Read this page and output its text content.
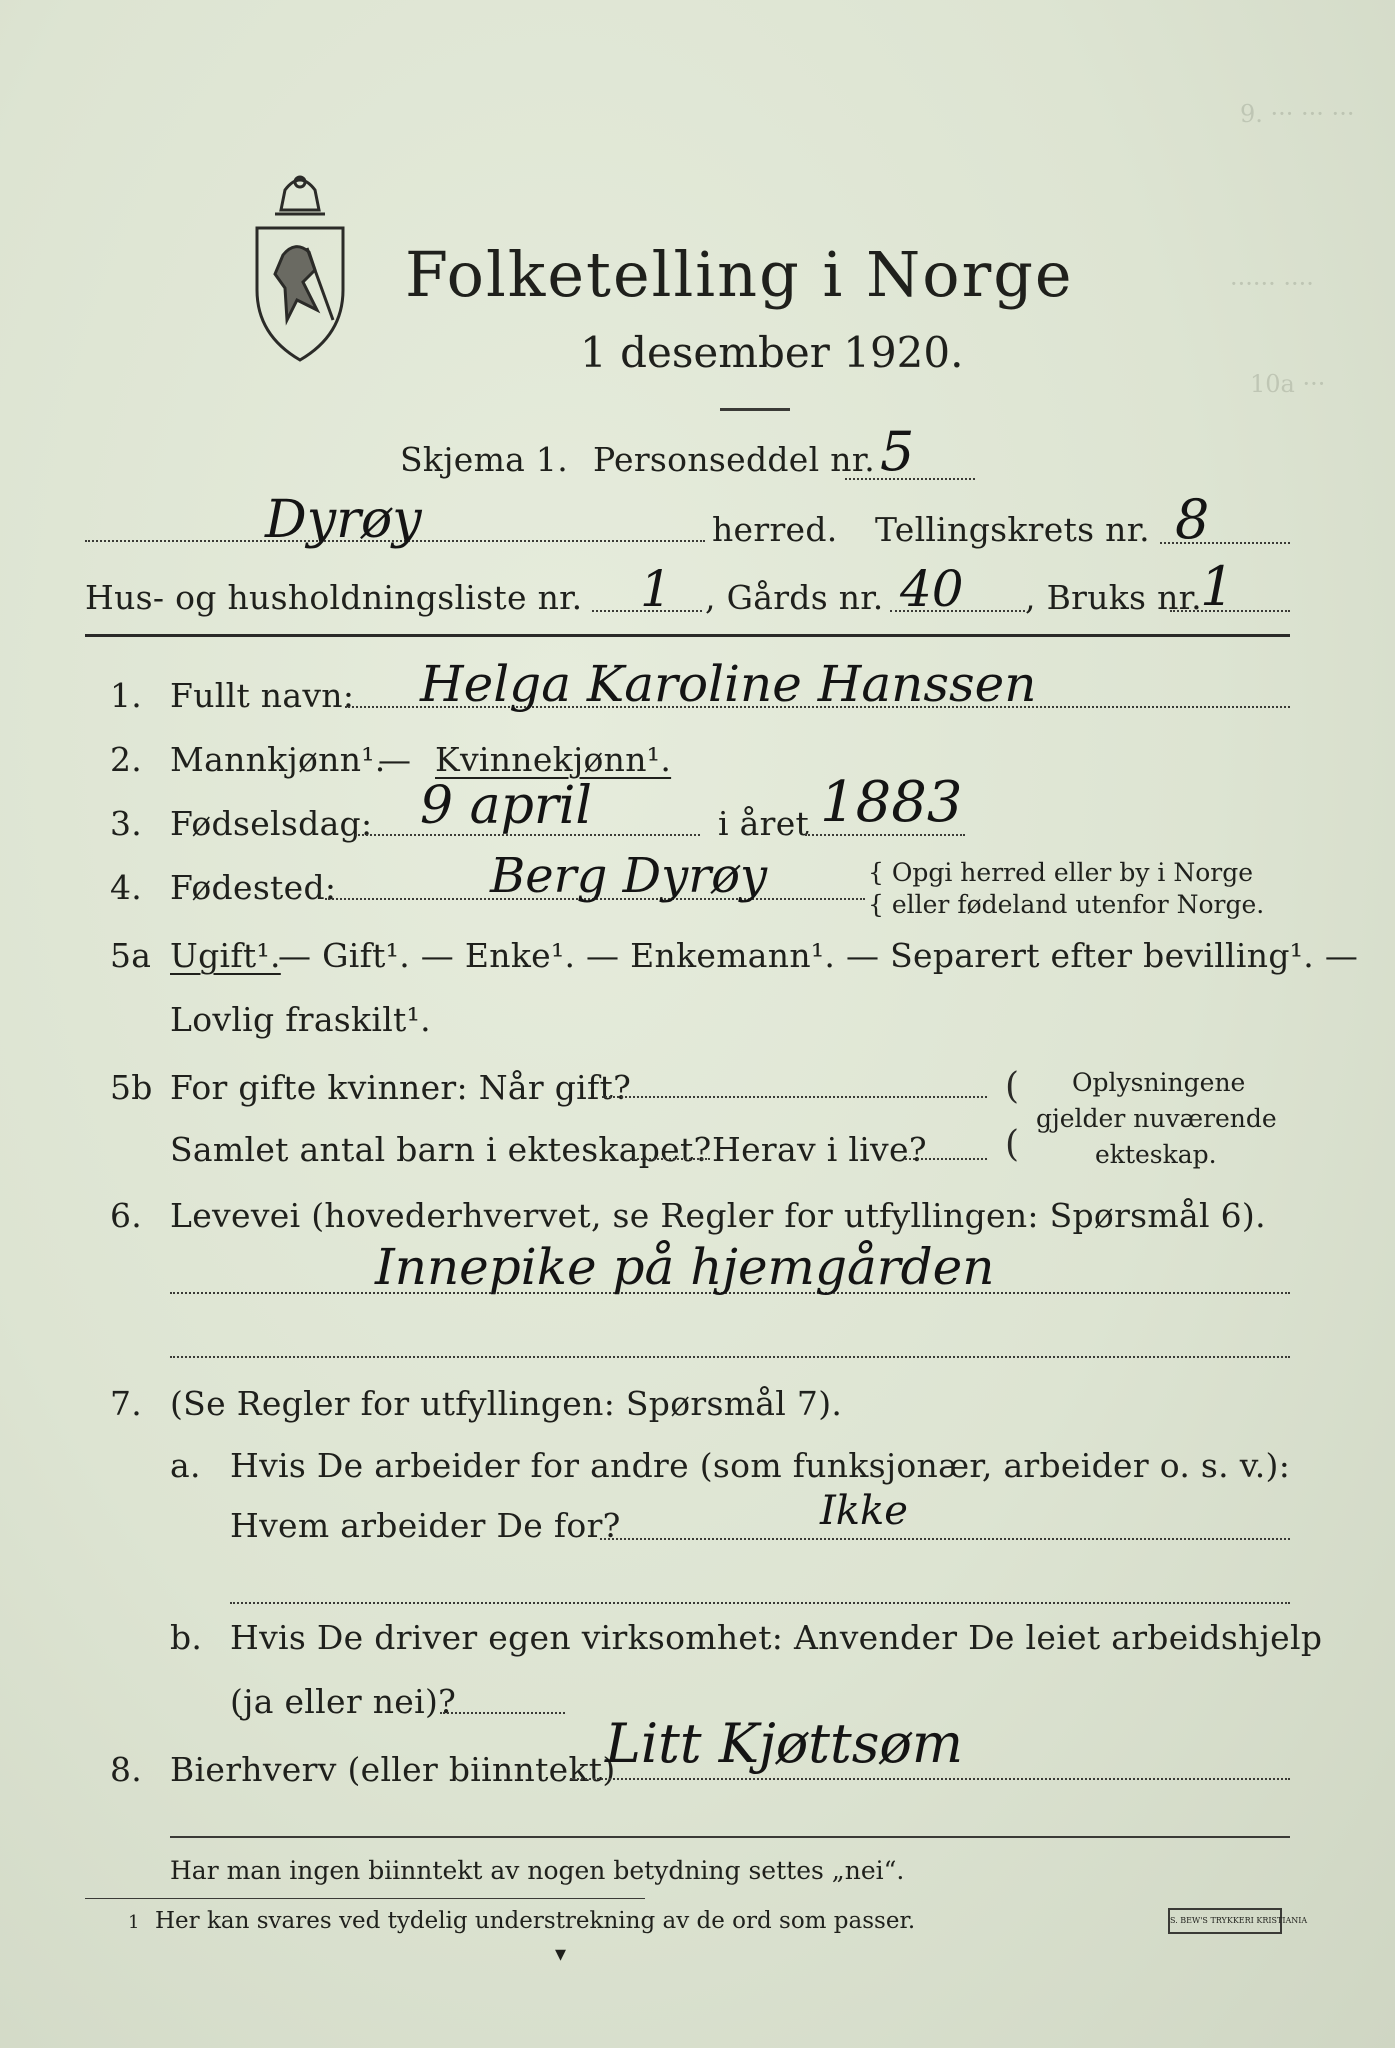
9. ··· ··· ···
······ ····
10a ···
Folketelling i Norge
1 desember 1920.
Skjema 1. Personseddel nr. 5
Dyrøy	herred. Tellingskrets nr. 8
Hus- og husholdningsliste nr. 1 , Gårds nr. 40 , Bruks nr.
1
1. Fullt navn: Helga Karoline Hanssen
2. Mannkjønn¹.
— Kvinnekjønn¹.
3. Fødselsdag: 9 april	i året 1883
4. Fødested:	Berg Dyrøy	{ Opgi herred eller by i Norge
{ eller fødeland utenfor Norge.
5a Ugift¹.
— Gift¹. — Enke¹. — Enkemann¹. — Separert efter bevilling¹. —
Lovlig fraskilt¹.
5b For gifte kvinner: Når gift?
Samlet antal barn i ekteskapet? Herav i live?
(
(
Oplysningene
gjelder nuværende
ekteskap.
6. Levevei (hovederhvervet, se Regler for utfyllingen: Spørsmål 6).
Innepike på hjemgården
7. (Se Regler for utfyllingen: Spørsmål 7).
a. Hvis De arbeider for andre (som funksjonær, arbeider o. s. v.):
Hvem arbeider De for?	Ikke
b. Hvis De driver egen virksomhet: Anvender De leiet arbeidshjelp
(ja eller nei)?
8. Bierhverv (eller biinntekt)
Litt Kjøttsøm
Har man ingen biinntekt av nogen betydning settes „nei“.
1 Her kan svares ved tydelig understrekning av de ord som passer.	S. BEW'S TRYKKERI KRISTIANIA
▾
